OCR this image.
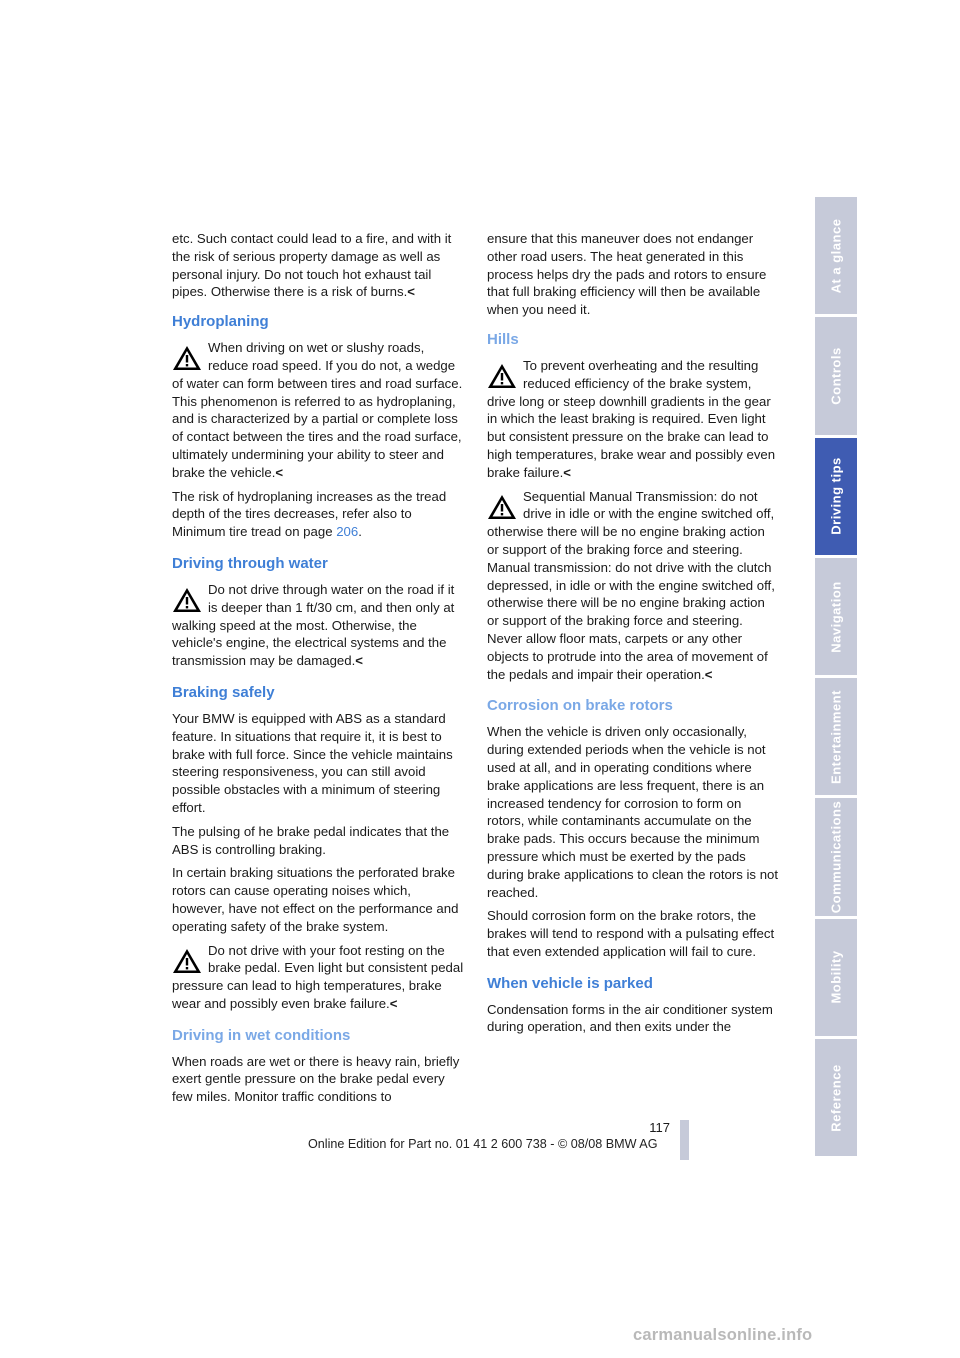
etc. Such contact could lead to a fire, and with it the risk of serious property damage as well as personal injury. Do not touch hot exhaust tail pipes. Otherwise there is a risk of burns.<

Hydroplaning
When driving on wet or slushy roads, reduce road speed. If you do not, a wedge of water can form between tires and road surface. This phenomenon is referred to as hydroplaning, and is characterized by a partial or complete loss of contact between the tires and the road surface, ultimately undermining your ability to steer and brake the vehicle.<

The risk of hydroplaning increases as the tread depth of the tires decreases, refer also to Minimum tire tread on page 206.

Driving through water
Do not drive through water on the road if it is deeper than 1 ft/30 cm, and then only at walking speed at the most. Otherwise, the vehicle's engine, the electrical systems and the transmission may be damaged.<
Braking safely

Your BMW is equipped with ABS as a standard feature. In situations that require it, it is best to brake with full force. Since the vehicle maintains steering responsiveness, you can still avoid possible obstacles with a minimum of steering effort.

The pulsing of he brake pedal indicates that the ABS is controlling braking.

In certain braking situations the perforated brake rotors can cause operating noises which, however, have not effect on the performance and operating safety of the brake system.

Do not drive with your foot resting on the brake pedal. Even light but consistent pedal pressure can lead to high temperatures, brake wear and possibly even brake failure.<
Driving in wet conditions

When roads are wet or there is heavy rain, briefly exert gentle pressure on the brake pedal every few miles. Monitor traffic conditions to

ensure that this maneuver does not endanger other road users. The heat generated in this process helps dry the pads and rotors to ensure that full braking efficiency will then be available when you need it.

Hills
To prevent overheating and the resulting reduced efficiency of the brake system, drive long or steep downhill gradients in the gear in which the least braking is required. Even light but consistent pressure on the brake can lead to high temperatures, brake wear and possibly even brake failure.<
Sequential Manual Transmission: do not drive in idle or with the engine switched off, otherwise there will be no engine braking action or support of the braking force and steering.
Manual transmission: do not drive with the clutch depressed, in idle or with the engine switched off, otherwise there will be no engine braking action or support of the braking force and steering.
Never allow floor mats, carpets or any other objects to protrude into the area of movement of the pedals and impair their operation.<
Corrosion on brake rotors

When the vehicle is driven only occasionally, during extended periods when the vehicle is not used at all, and in operating conditions where brake applications are less frequent, there is an increased tendency for corrosion to form on rotors, while contaminants accumulate on the brake pads. This occurs because the minimum pressure which must be exerted by the pads during brake applications to clean the rotors is not reached.

Should corrosion form on the brake rotors, the brakes will tend to respond with a pulsating effect that even extended application will fail to cure.

When vehicle is parked

Condensation forms in the air conditioner system during operation, and then exits under the

At a glance
Controls
Driving tips
Navigation
Entertainment
Communications
Mobility
Reference
117
Online Edition for Part no. 01 41 2 600 738 - © 08/08 BMW AG
carmanualsonline.info
